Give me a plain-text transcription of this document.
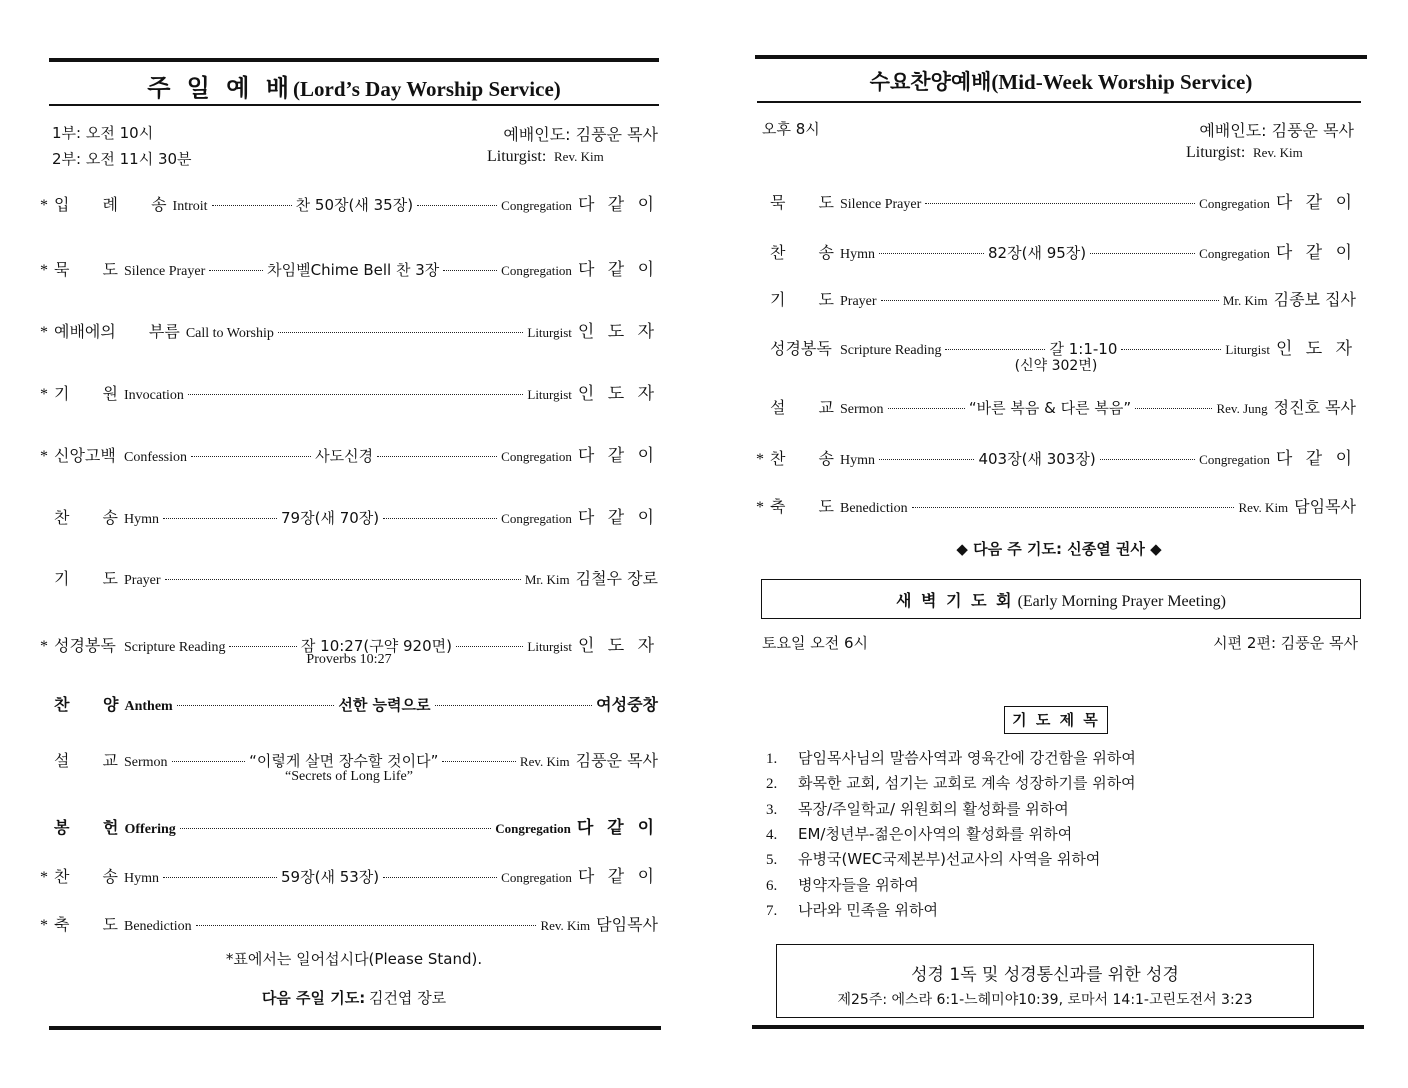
주 일 예 배(Lord’s Day Worship Service)
1부: 오전 10시
2부: 오전 11시 30분
예배인도: 김풍운 목사
Liturgist: Rev. Kim
* 입 례 송 Introit	찬 50장(새 35장)	Congregation 다 같 이
* 묵 도 Silence Prayer	차임벨Chime Bell 찬 3장	Congregation 다 같 이
* 예배에의 부름 Call to Worship	Liturgist 인 도 자
* 기 원 Invocation	Liturgist 인 도 자
* 신앙고백 Confession	사도신경	Congregation 다 같 이
찬 송 Hymn	79장(새 70장)	Congregation 다 같 이
기 도 Prayer	Mr. Kim 김철우 장로
* 성경봉독 Scripture Reading	잠 10:27(구약 920면)	Liturgist 인 도 자
Proverbs 10:27
찬 양 Anthem	선한 능력으로	여성중창
설 교 Sermon	“이렇게 살면 장수할 것이다”	Rev. Kim 김풍운 목사
“Secrets of Long Life”
봉 헌 Offering	Congregation 다 같 이
* 찬 송 Hymn	59장(새 53장)	Congregation 다 같 이
* 축 도 Benediction	Rev. Kim 담임목사
*표에서는 일어섭시다(Please Stand).
다음 주일 기도: 김건엽 장로
수요찬양예배(Mid-Week Worship Service)
오후 8시	예배인도: 김풍운 목사
Liturgist: Rev. Kim
묵 도 Silence Prayer	Congregation 다 같 이
찬 송 Hymn	82장(새 95장)	Congregation 다 같 이
기 도 Prayer	Mr. Kim 김종보 집사
성경봉독 Scripture Reading	갈 1:1-10	Liturgist 인 도 자
(신약 302면)
설 교 Sermon	“바른 복음 & 다른 복음”	Rev. Jung 정진호 목사
* 찬 송 Hymn	403장(새 303장)	Congregation 다 같 이
* 축 도 Benediction	Rev. Kim 담임목사
◆ 다음 주 기도: 신종열 권사 ◆
새 벽 기 도 회 (Early Morning Prayer Meeting)
토요일 오전 6시	시편 2편: 김풍운 목사
기 도 제 목
1. 담임목사님의 말씀사역과 영육간에 강건함을 위하여
2. 화목한 교회, 섬기는 교회로 계속 성장하기를 위하여
3. 목장/주일학교/ 위원회의 활성화를 위하여
4. EM/청년부-젊은이사역의 활성화를 위하여
5. 유병국(WEC국제본부)선교사의 사역을 위하여
6. 병약자들을 위하여
7. 나라와 민족을 위하여
성경 1독 및 성경통신과를 위한 성경
제25주: 에스라 6:1-느헤미야10:39, 로마서 14:1-고린도전서 3:23
